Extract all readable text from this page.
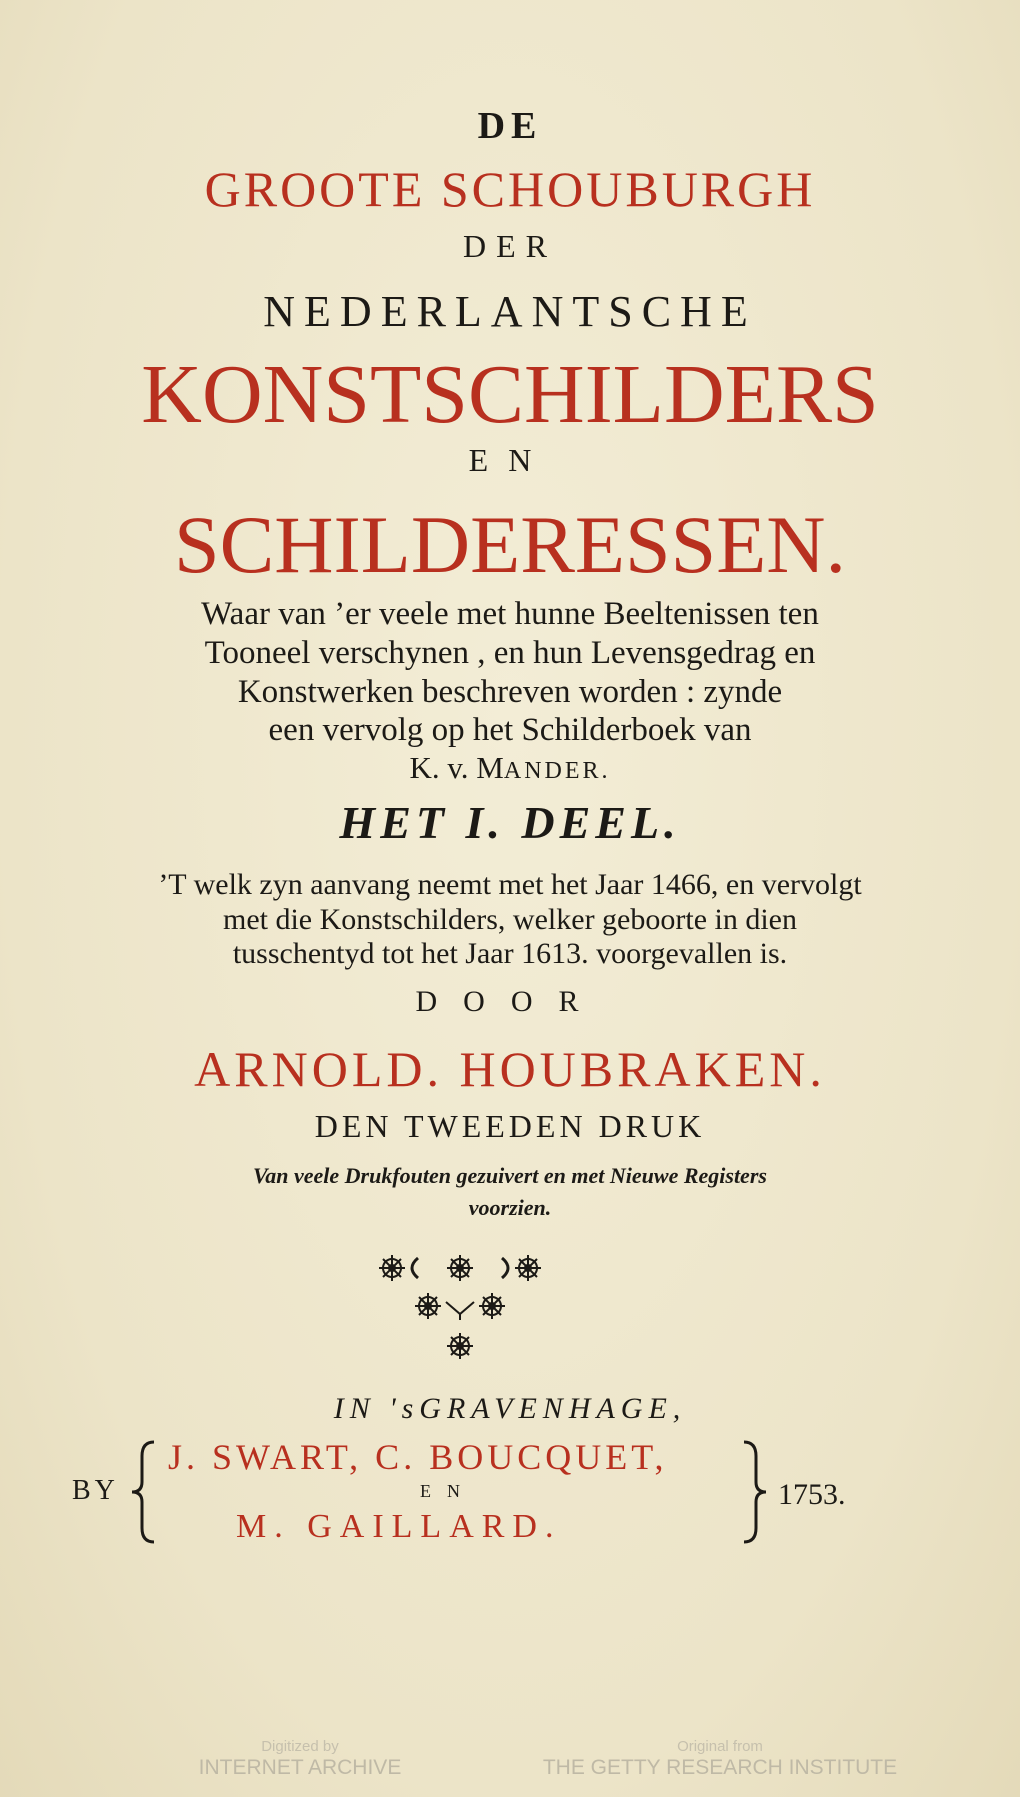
DE
GROOTE SCHOUBURGH
DER
NEDERLANTSCHE
KONSTSCHILDERS
EN
SCHILDERESSEN.
Waar van ’er veele met hunne Beeltenissen ten
Tooneel verschynen , en hun Levensgedrag en
Konstwerken beschreven worden : zynde
een vervolg op het Schilderboek van
K. v. MANDER.
HET I. DEEL.
’T welk zyn aanvang neemt met het Jaar 1466, en vervolgt
met die Konstschilders, welker geboorte in dien
tusschentyd tot het Jaar 1613. voorgevallen is.
DOOR
ARNOLD. HOUBRAKEN.
DEN TWEEDEN DRUK
Van veele Drukfouten gezuivert en met Nieuwe Registers
voorzien.
IN 'sGRAVENHAGE,
BY
J. SWART, C. BOUCQUET,
EN
M. GAILLARD.
1753.
Digitized by
INTERNET ARCHIVE
Original from
THE GETTY RESEARCH INSTITUTE
